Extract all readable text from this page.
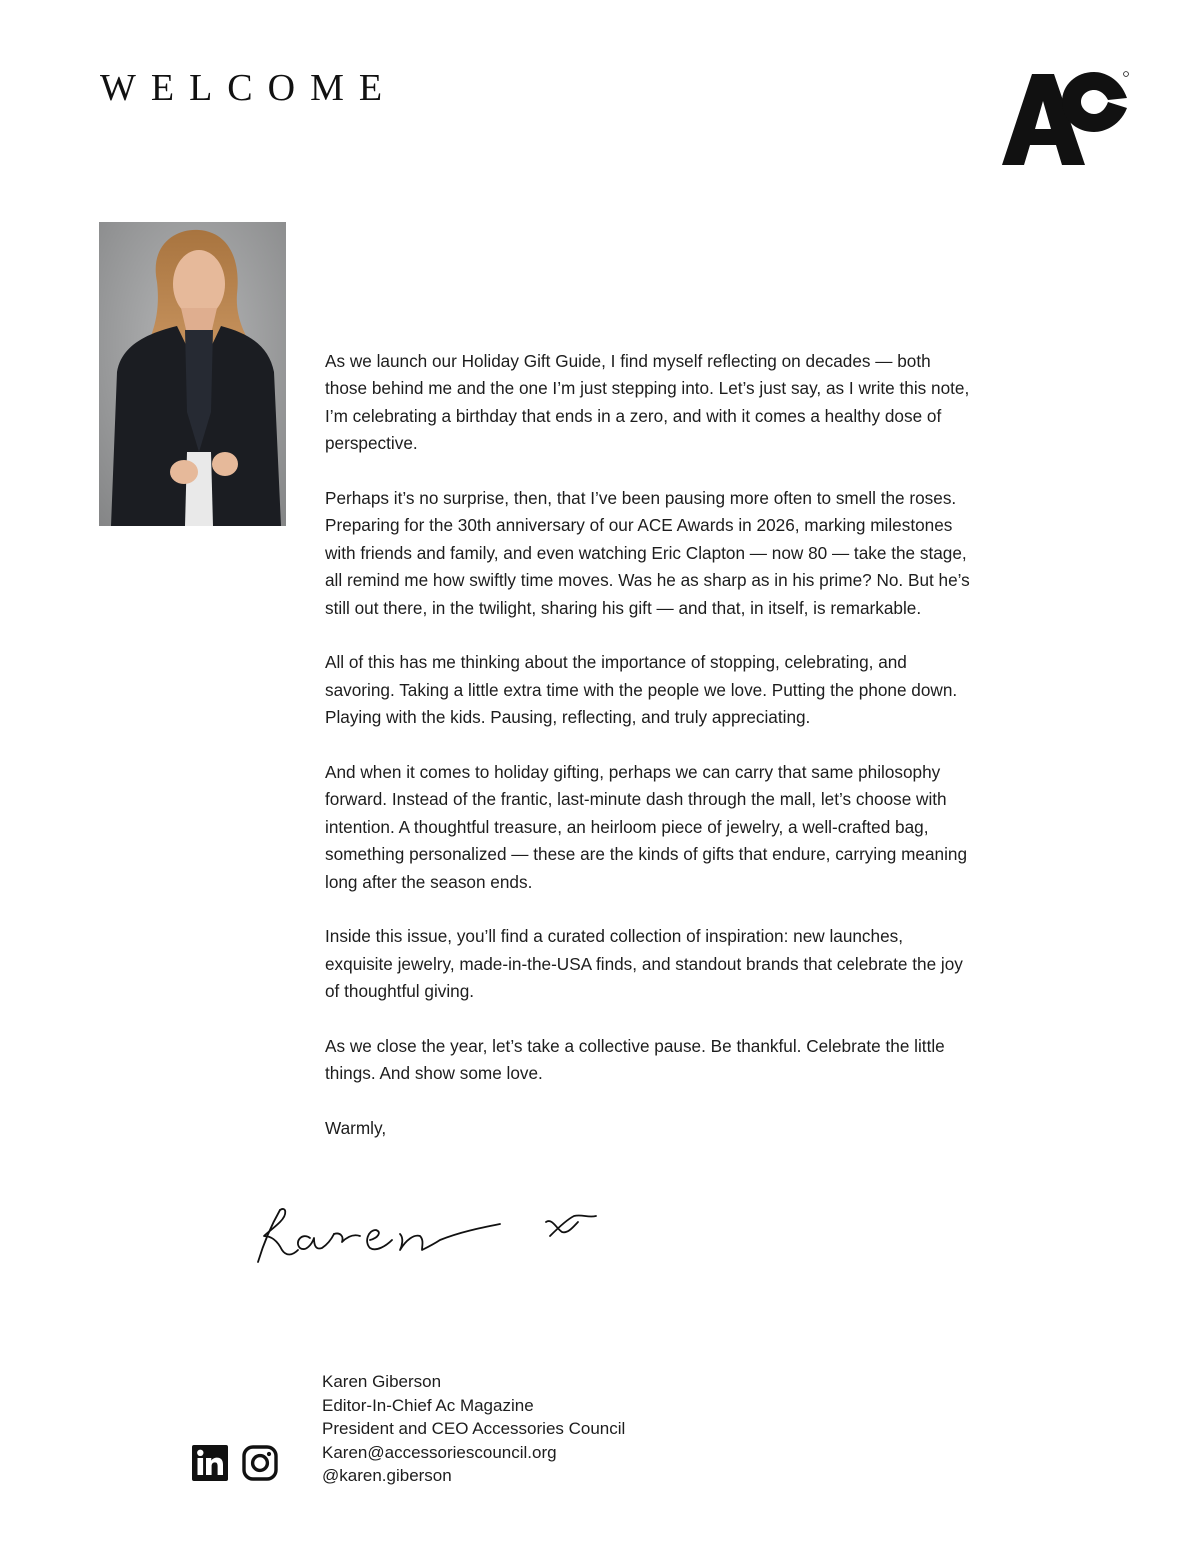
WELCOME

As we launch our Holiday Gift Guide, I find myself reflecting on decades — both those behind me and the one I’m just stepping into. Let’s just say, as I write this note, I’m celebrating a birthday that ends in a zero, and with it comes a healthy dose of perspective.

Perhaps it’s no surprise, then, that I’ve been pausing more often to smell the roses. Preparing for the 30th anniversary of our ACE Awards in 2026, marking milestones with friends and family, and even watching Eric Clapton — now 80 — take the stage, all remind me how swiftly time moves. Was he as sharp as in his prime? No. But he’s still out there, in the twilight, sharing his gift — and that, in itself, is remarkable.

All of this has me thinking about the importance of stopping, celebrating, and savoring. Taking a little extra time with the people we love. Putting the phone down. Playing with the kids. Pausing, reflecting, and truly appreciating.

And when it comes to holiday gifting, perhaps we can carry that same philosophy forward. Instead of the frantic, last-minute dash through the mall, let’s choose with intention. A thoughtful treasure, an heirloom piece of jewelry, a well-crafted bag, something personalized — these are the kinds of gifts that endure, carrying meaning long after the season ends.

Inside this issue, you’ll find a curated collection of inspiration: new launches, exquisite jewelry, made-in-the-USA finds, and standout brands that celebrate the joy of thoughtful giving.

As we close the year, let’s take a collective pause. Be thankful. Celebrate the little things. And show some love.

Warmly,

Karen Giberson
Editor-In-Chief Ac Magazine
President and CEO Accessories Council
Karen@accessoriescouncil.org
@karen.giberson
